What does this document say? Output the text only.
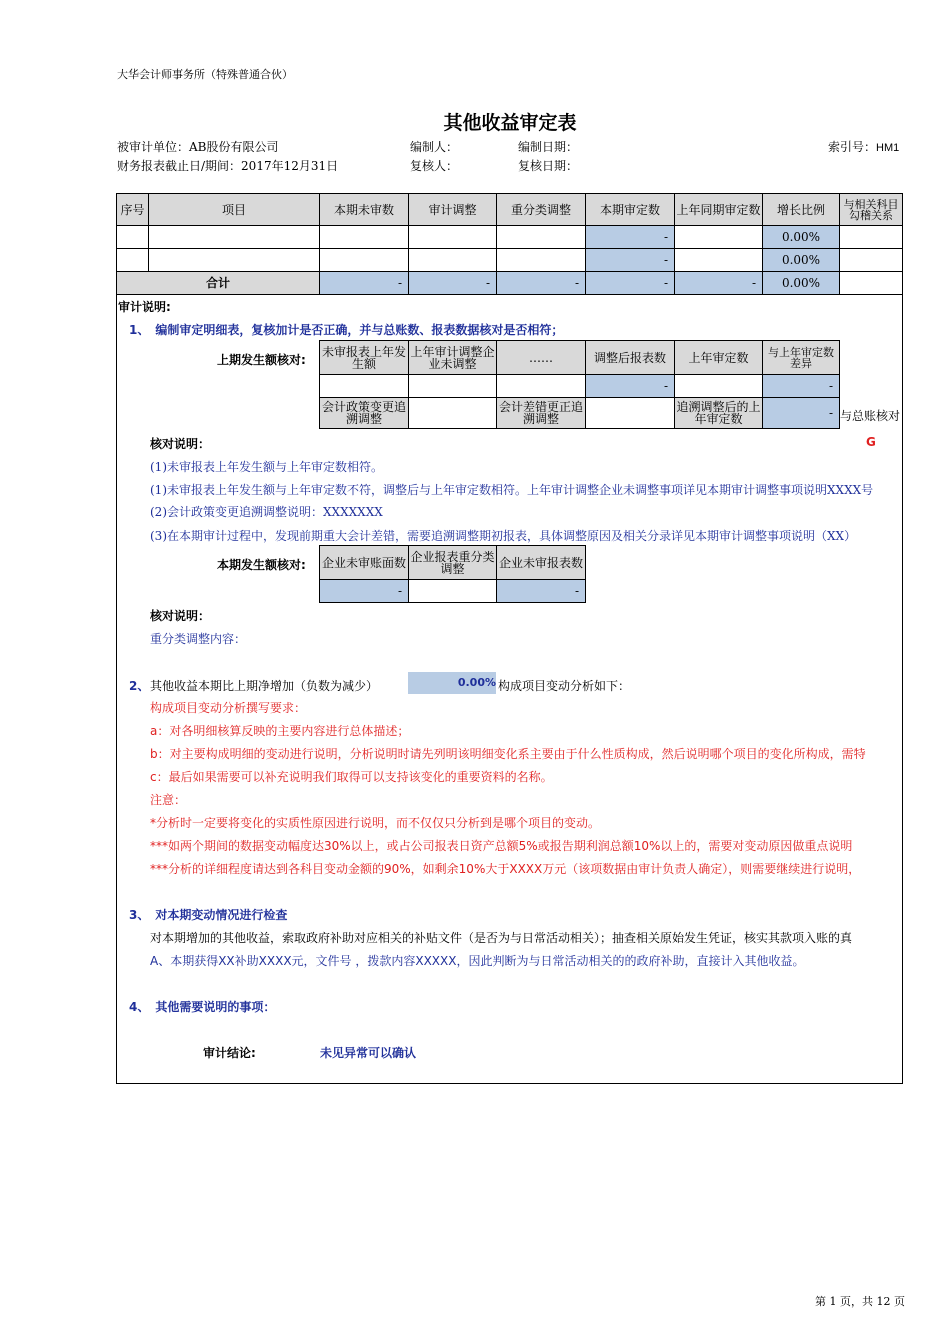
大华会计师事务所（特殊普通合伙）
其他收益审定表
被审计单位：AB股份有限公司	编制人：	编制日期：	索引号：HM1
财务报表截止日/期间：2017年12月31日	复核人：	复核日期：
序号	项目	本期未审数	审计调整	重分类调整	本期审定数	上年同期审定数	增长比例	与相关科目勾稽关系
					-		0.00%	
					-		0.00%	
合计		-	-	-	-	-	0.00%	
审计说明:
1、 编制审定明细表，复核加计是否正确，并与总账数、报表数据核对是否相符；
上期发生额核对:
未审报表上年发生额	上年审计调整企业未调整	……	调整后报表数	上年审定数	与上年审定数差异
			-		-
会计政策变更追溯调整		会计差错更正追溯调整		追溯调整后的上年审定数	- 与总账核对
核对说明：	G
(1)未审报表上年发生额与上年审定数相符。
(1)未审报表上年发生额与上年审定数不符，调整后与上年审定数相符。上年审计调整企业未调整事项详见本期审计调整事项说明XXXX号
(2)会计政策变更追溯调整说明：XXXXXXX
(3)在本期审计过程中，发现前期重大会计差错，需要追溯调整期初报表，具体调整原因及相关分录详见本期审计调整事项说明（XX）
本期发生额核对: 企业未审账面数	企业报表重分类调整	企业未审报表数
-		-
核对说明：
重分类调整内容：
2、 其他收益本期比上期净增加（负数为减少）	0.00% 构成项目变动分析如下：
构成项目变动分析撰写要求：
a：对各明细核算反映的主要内容进行总体描述；
b：对主要构成明细的变动进行说明，分析说明时请先列明该明细变化系主要由于什么性质构成，然后说明哪个项目的变化所构成，需特
c：最后如果需要可以补充说明我们取得可以支持该变化的重要资料的名称。
注意：
*分析时一定要将变化的实质性原因进行说明，而不仅仅只分析到是哪个项目的变动。
***如两个期间的数据变动幅度达30%以上，或占公司报表日资产总额5%或报告期利润总额10%以上的，需要对变动原因做重点说明
***分析的详细程度请达到各科目变动金额的90%，如剩余10%大于XXXX万元（该项数据由审计负责人确定），则需要继续进行说明，
3、 对本期变动情况进行检查
对本期增加的其他收益，索取政府补助对应相关的补贴文件（是否为与日常活动相关）；抽查相关原始发生凭证，核实其款项入账的真
A、本期获得XX补助XXXX元，文件号 ，拨款内容XXXXX，因此判断为与日常活动相关的的政府补助，直接计入其他收益。
4、 其他需要说明的事项：
审计结论:	未见异常可以确认
第 1 页，共 12 页
